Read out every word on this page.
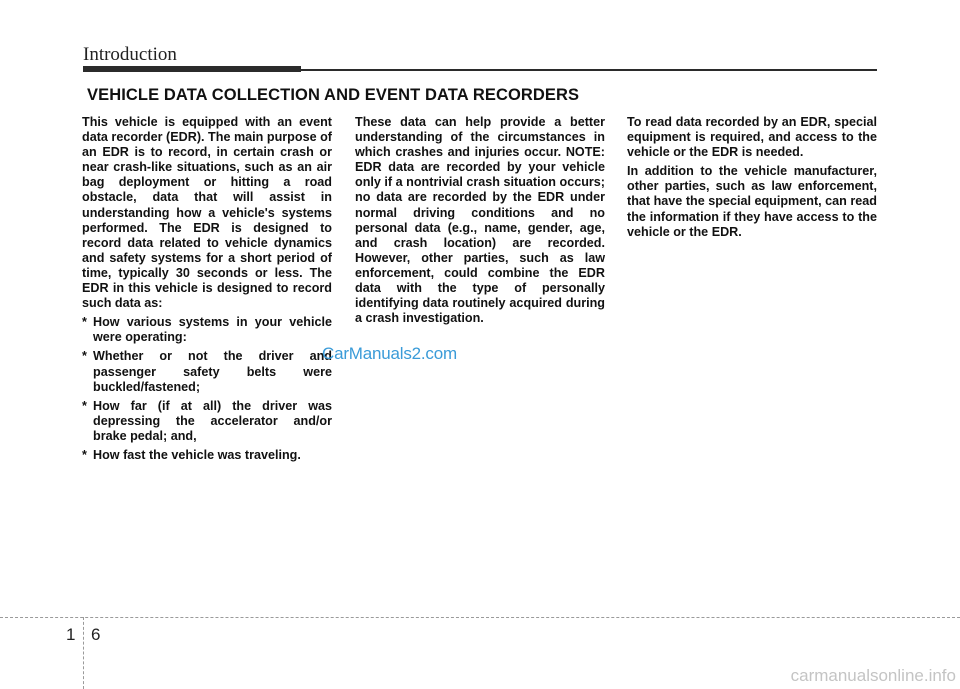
Introduction
VEHICLE DATA COLLECTION AND EVENT DATA RECORDERS

This vehicle is equipped with an event data recorder (EDR). The main purpose of an EDR is to record, in certain crash or near crash-like situations, such as an air bag deployment or hitting a road obstacle, data that will assist in understanding how a vehicle's systems performed. The EDR is designed to record data related to vehicle dynamics and safety systems for a short period of time, typically 30 seconds or less. The EDR in this vehicle is designed to record such data as:

* How various systems in your vehicle were operating:
* Whether or not the driver and passenger safety belts were buckled/fastened;
* How far (if at all) the driver was depressing the accelerator and/or brake pedal; and,
* How fast the vehicle was traveling.

These data can help provide a better understanding of the circumstances in which crashes and injuries occur. NOTE: EDR data are recorded by your vehicle only if a nontrivial crash situation occurs; no data are recorded by the EDR under normal driving conditions and no personal data (e.g., name, gender, age, and crash location) are recorded. However, other parties, such as law enforcement, could combine the EDR data with the type of personally identifying data routinely acquired during a crash investigation.

To read data recorded by an EDR, special equipment is required, and access to the vehicle or the EDR is needed.

In addition to the vehicle manufacturer, other parties, such as law enforcement, that have the special equipment, can read the information if they have access to the vehicle or the EDR.

CarManuals2.com
1 6
carmanualsonline.info
